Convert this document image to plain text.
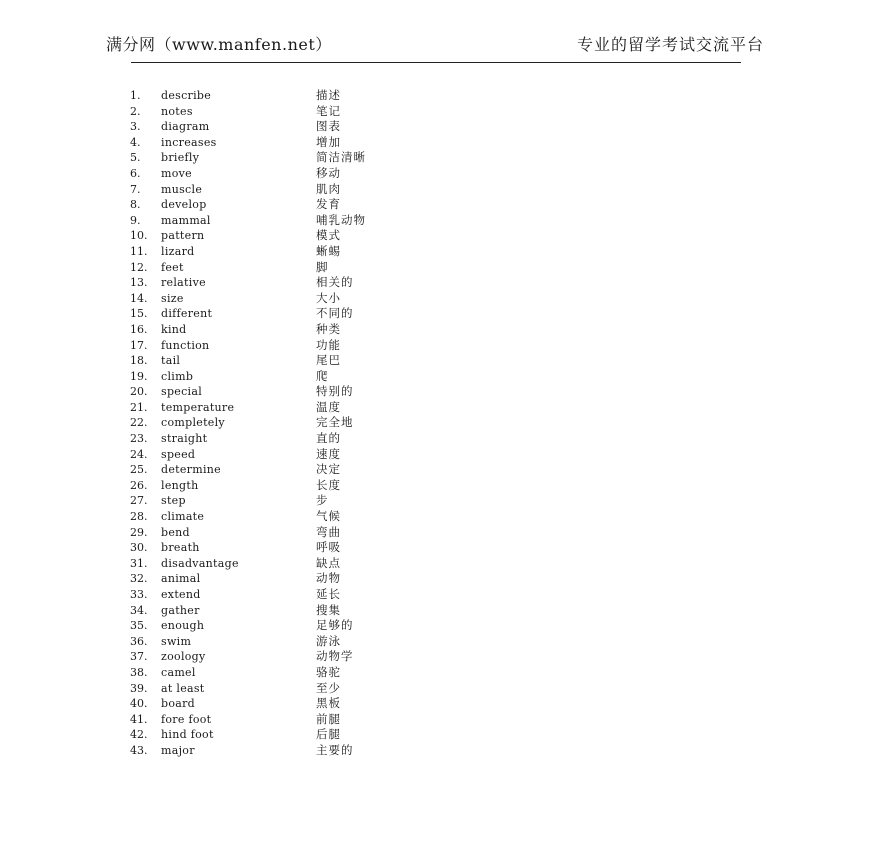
满分网（www.manfen.net）	专业的留学考试交流平台
1. describe	描述
2. notes	笔记
3. diagram	图表
4. increases	增加
5. briefly	简洁清晰
6. move	移动
7. muscle	肌肉
8. develop	发育
9. mammal	哺乳动物
10. pattern	模式
11. lizard	蜥蜴
12. feet	脚
13. relative	相关的
14. size	大小
15. different	不同的
16. kind	种类
17. function	功能
18. tail	尾巴
19. climb	爬
20. special	特别的
21. temperature	温度
22. completely	完全地
23. straight	直的
24. speed	速度
25. determine	决定
26. length	长度
27. step	步
28. climate	气候
29. bend	弯曲
30. breath	呼吸
31. disadvantage	缺点
32. animal	动物
33. extend	延长
34. gather	搜集
35. enough	足够的
36. swim	游泳
37. zoology	动物学
38. camel	骆驼
39. at least	至少
40. board	黑板
41. fore foot	前腿
42. hind foot	后腿
43. major	主要的
